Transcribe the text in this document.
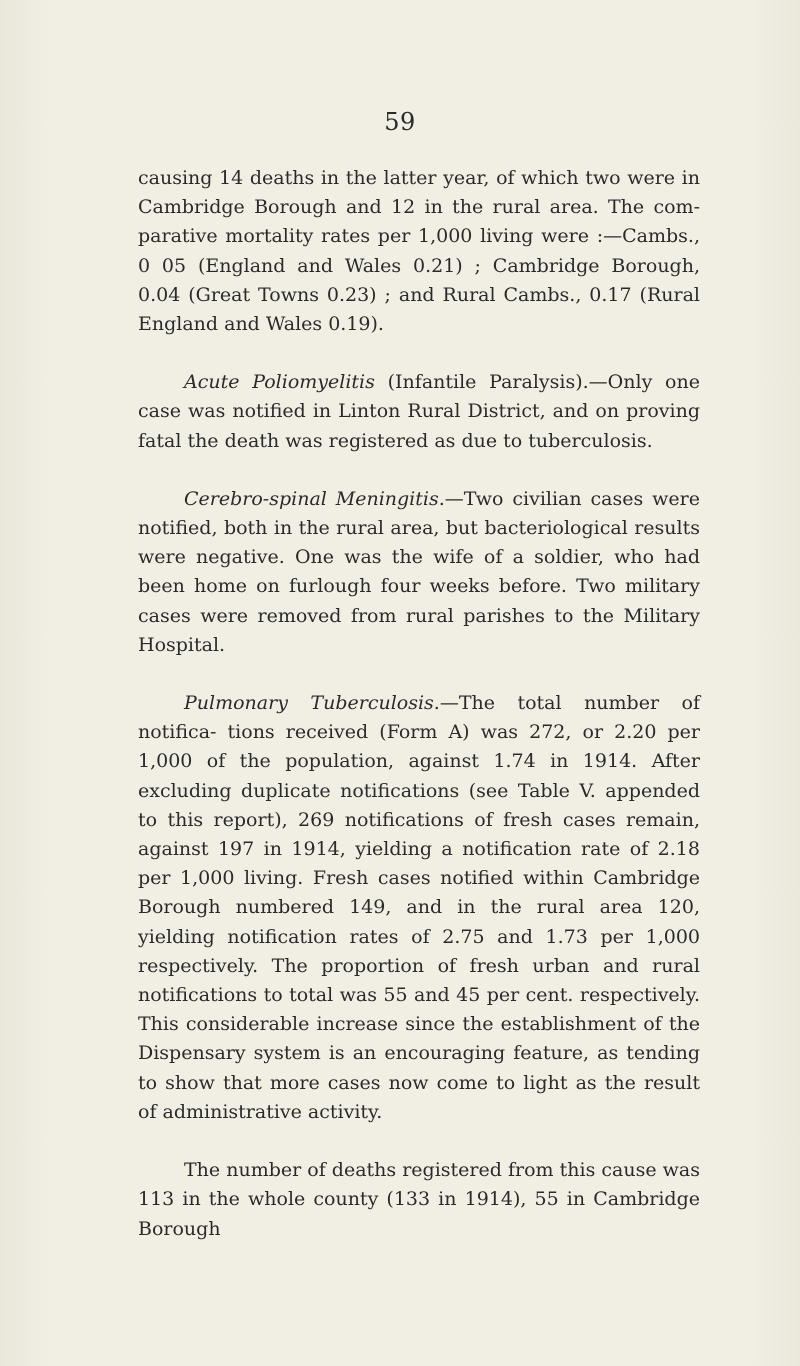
59

causing 14 deaths in the latter year, of which two were in Cambridge Borough and 12 in the rural area. The com- parative mortality rates per 1,000 living were :—Cambs., 0 05 (England and Wales 0.21) ; Cambridge Borough, 0.04 (Great Towns 0.23) ; and Rural Cambs., 0.17 (Rural England and Wales 0.19).

Acute Poliomyelitis (Infantile Paralysis).—Only one case was notified in Linton Rural District, and on proving fatal the death was registered as due to tuberculosis.

Cerebro-spinal Meningitis.—Two civilian cases were notified, both in the rural area, but bacteriological results were negative. One was the wife of a soldier, who had been home on furlough four weeks before. Two military cases were removed from rural parishes to the Military Hospital.

Pulmonary Tuberculosis.—The total number of notifica- tions received (Form A) was 272, or 2.20 per 1,000 of the population, against 1.74 in 1914. After excluding duplicate notifications (see Table V. appended to this report), 269 notifications of fresh cases remain, against 197 in 1914, yielding a notification rate of 2.18 per 1,000 living. Fresh cases notified within Cambridge Borough numbered 149, and in the rural area 120, yielding notification rates of 2.75 and 1.73 per 1,000 respectively. The proportion of fresh urban and rural notifications to total was 55 and 45 per cent. respectively. This considerable increase since the establishment of the Dispensary system is an encouraging feature, as tending to show that more cases now come to light as the result of administrative activity.

The number of deaths registered from this cause was 113 in the whole county (133 in 1914), 55 in Cambridge Borough
